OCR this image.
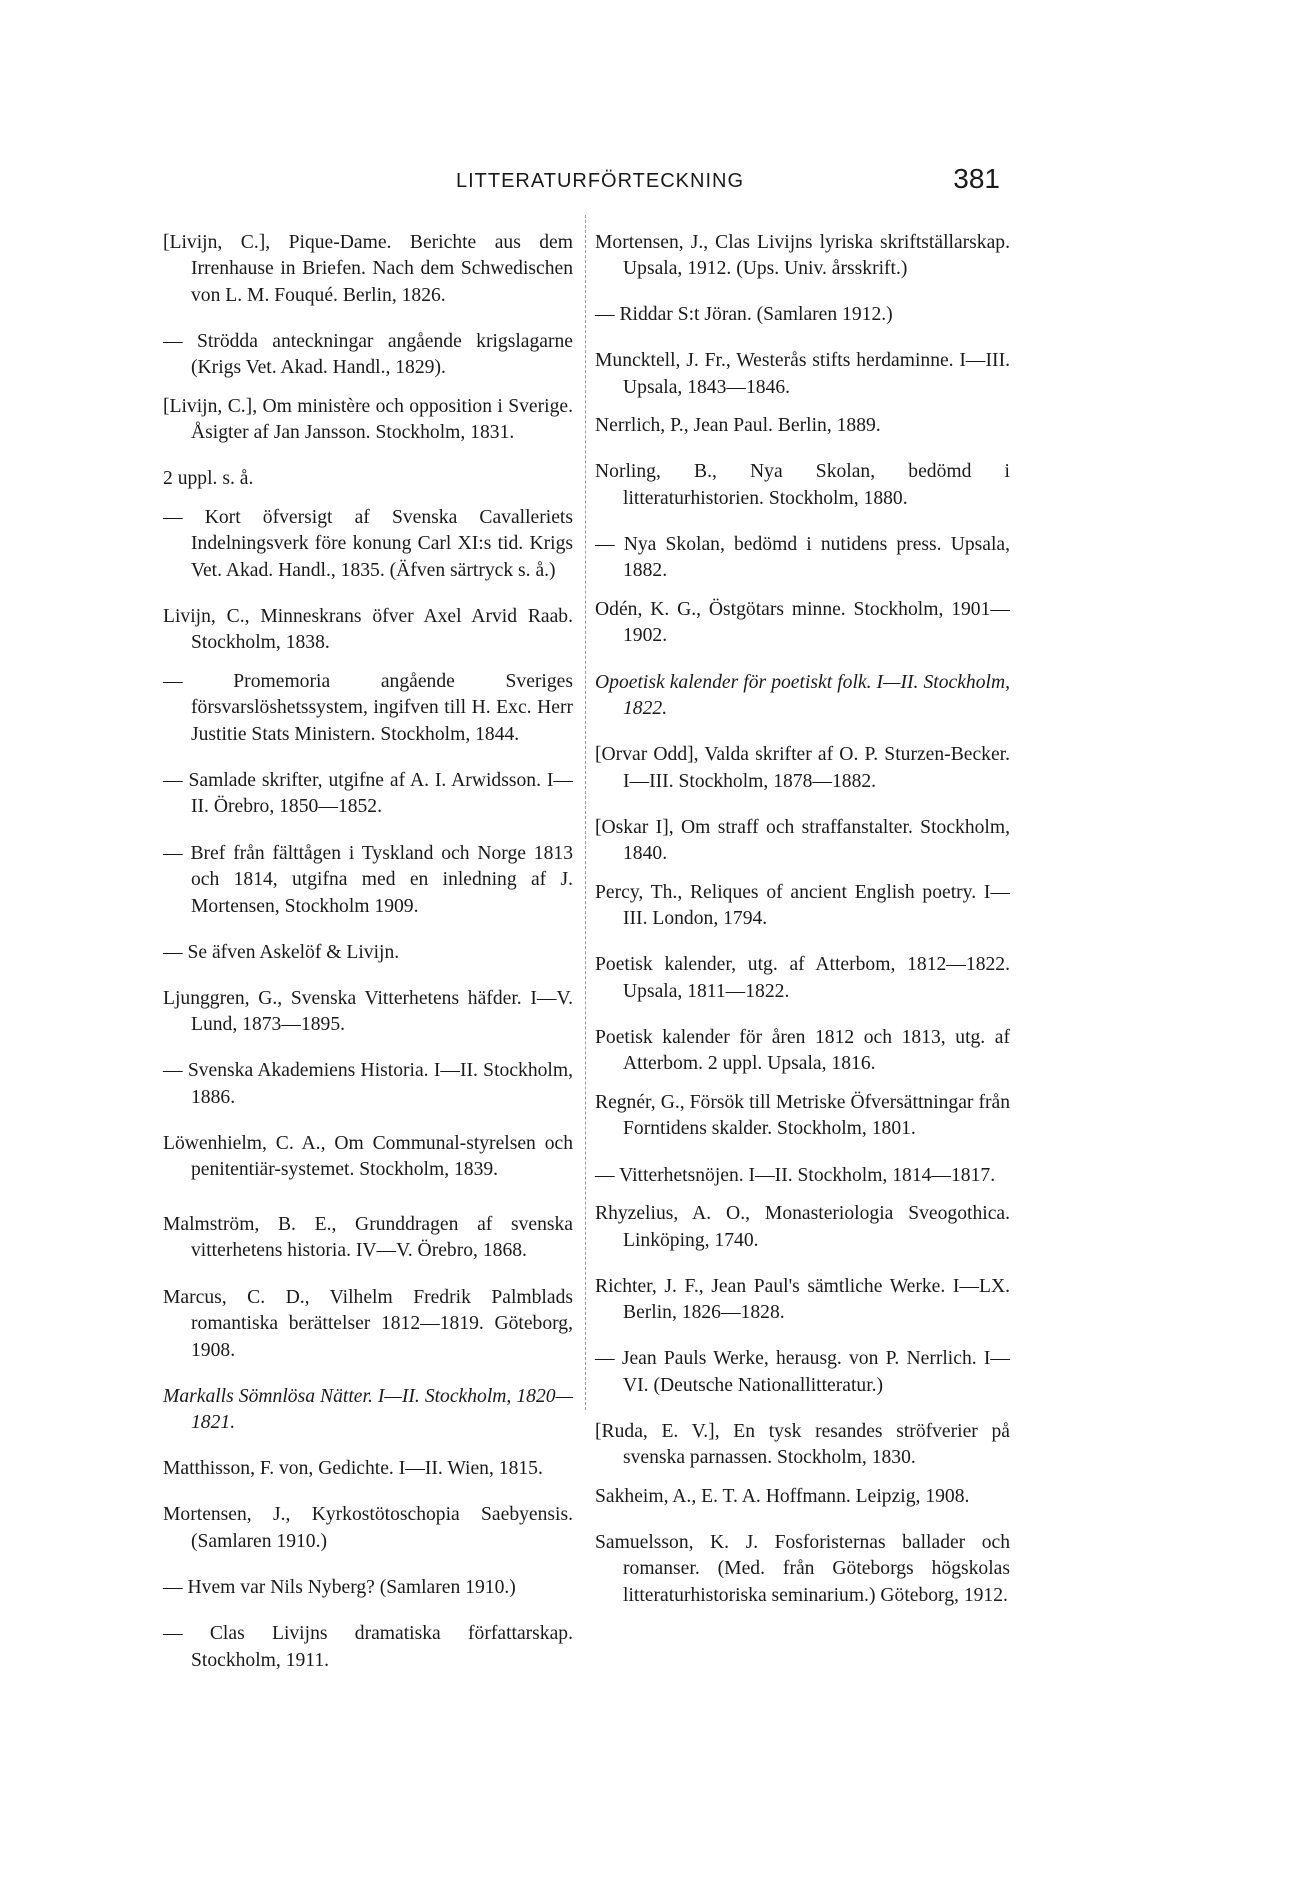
LITTERATURFÖRTECKNING	381

[Livijn, C.], Pique-Dame. Berichte aus dem Irrenhause in Briefen. Nach dem Schwedischen von L. M. Fouqué. Berlin, 1826.

— Strödda anteckningar angående krigslagarne (Krigs Vet. Akad. Handl., 1829).

[Livijn, C.], Om ministère och opposition i Sverige. Åsigter af Jan Jansson. Stockholm, 1831.

2 uppl. s. å.

— Kort öfversigt af Svenska Cavalleriets Indelningsverk före konung Carl XI:s tid. Krigs Vet. Akad. Handl., 1835. (Äfven särtryck s. å.)

Livijn, C., Minneskrans öfver Axel Arvid Raab. Stockholm, 1838.

— Promemoria angående Sveriges försvarslöshetssystem, ingifven till H. Exc. Herr Justitie Stats Ministern. Stockholm, 1844.

— Samlade skrifter, utgifne af A. I. Arwidsson. I—II. Örebro, 1850—1852.

— Bref från fälttågen i Tyskland och Norge 1813 och 1814, utgifna med en inledning af J. Mortensen, Stockholm 1909.

— Se äfven Askelöf & Livijn.

Ljunggren, G., Svenska Vitterhetens häfder. I—V. Lund, 1873—1895.

— Svenska Akademiens Historia. I—II. Stockholm, 1886.

Löwenhielm, C. A., Om Communal-styrelsen och penitentiär-systemet. Stockholm, 1839.

Malmström, B. E., Grunddragen af svenska vitterhetens historia. IV—V. Örebro, 1868.

Marcus, C. D., Vilhelm Fredrik Palmblads romantiska berättelser 1812—1819. Göteborg, 1908.

Markalls Sömnlösa Nätter. I—II. Stockholm, 1820—1821.

Matthisson, F. von, Gedichte. I—II. Wien, 1815.

Mortensen, J., Kyrkostötoschopia Saebyensis. (Samlaren 1910.)

— Hvem var Nils Nyberg? (Samlaren 1910.)

— Clas Livijns dramatiska författarskap. Stockholm, 1911.

Mortensen, J., Clas Livijns lyriska skriftställarskap. Upsala, 1912. (Ups. Univ. årsskrift.)

— Riddar S:t Jöran. (Samlaren 1912.)

Muncktell, J. Fr., Westerås stifts herdaminne. I—III. Upsala, 1843—1846.

Nerrlich, P., Jean Paul. Berlin, 1889.

Norling, B., Nya Skolan, bedömd i litteraturhistorien. Stockholm, 1880.

— Nya Skolan, bedömd i nutidens press. Upsala, 1882.

Odén, K. G., Östgötars minne. Stockholm, 1901—1902.

Opoetisk kalender för poetiskt folk. I—II. Stockholm, 1822.

[Orvar Odd], Valda skrifter af O. P. Sturzen-Becker. I—III. Stockholm, 1878—1882.

[Oskar I], Om straff och straffanstalter. Stockholm, 1840.

Percy, Th., Reliques of ancient English poetry. I—III. London, 1794.

Poetisk kalender, utg. af Atterbom, 1812—1822. Upsala, 1811—1822.

Poetisk kalender för åren 1812 och 1813, utg. af Atterbom. 2 uppl. Upsala, 1816.

Regnér, G., Försök till Metriske Öfversättningar från Forntidens skalder. Stockholm, 1801.

— Vitterhetsnöjen. I—II. Stockholm, 1814—1817.

Rhyzelius, A. O., Monasteriologia Sveogothica. Linköping, 1740.

Richter, J. F., Jean Paul's sämtliche Werke. I—LX. Berlin, 1826—1828.

— Jean Pauls Werke, herausg. von P. Nerrlich. I—VI. (Deutsche Nationallitteratur.)

[Ruda, E. V.], En tysk resandes ströfverier på svenska parnassen. Stockholm, 1830.

Sakheim, A., E. T. A. Hoffmann. Leipzig, 1908.

Samuelsson, K. J. Fosforisternas ballader och romanser. (Med. från Göteborgs högskolas litteraturhistoriska seminarium.) Göteborg, 1912.
